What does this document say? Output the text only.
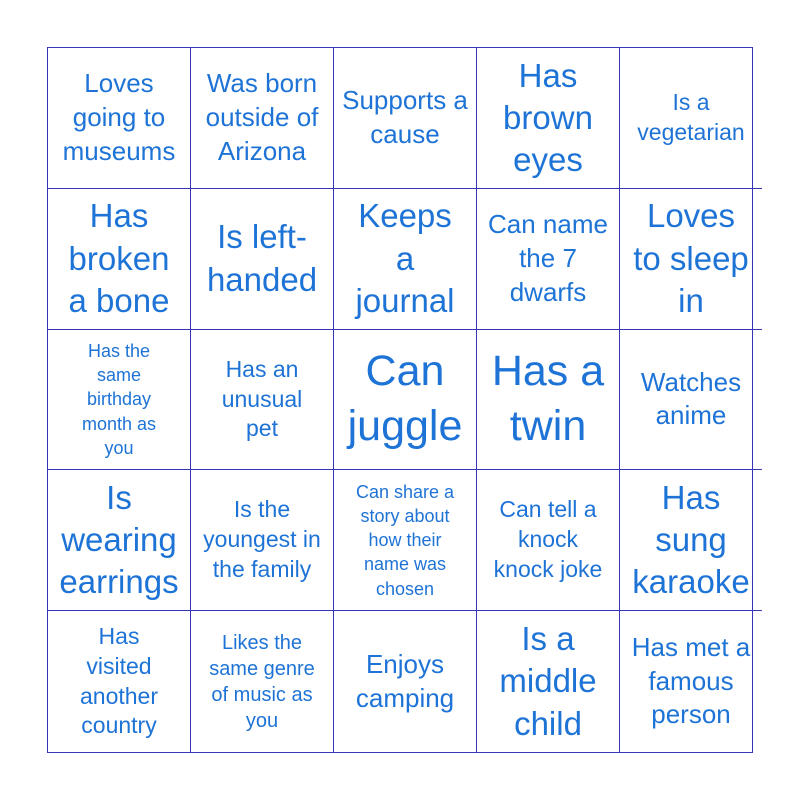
Loves going to museums
Was born outside of Arizona
Supports a cause
Has brown eyes
Is a vegetarian
Has broken a bone
Is left-handed
Keeps a journal
Can name the 7 dwarfs
Loves to sleep in
Has the same birthday month as you
Has an unusual pet
Can juggle
Has a twin
Watches anime
Is wearing earrings
Is the youngest in the family
Can share a story about how their name was chosen
Can tell a knock knock joke
Has sung karaoke
Has visited another country
Likes the same genre of music as you
Enjoys camping
Is a middle child
Has met a famous person
